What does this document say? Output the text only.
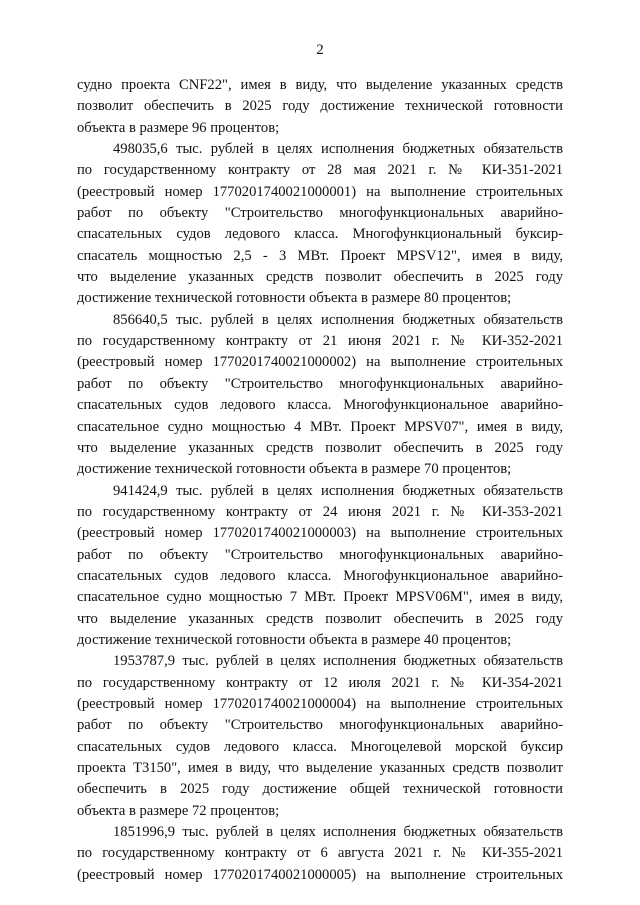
2
судно проекта CNF22", имея в виду, что выделение указанных средств
позволит обеспечить в 2025 году достижение технической готовности
объекта в размере 96 процентов;
498035,6 тыс. рублей в целях исполнения бюджетных обязательств
по государственному контракту от 28 мая 2021 г. № КИ-351-2021
(реестровый номер 1770201740021000001) на выполнение строительных
работ по объекту "Строительство многофункциональных аварийно-
спасательных судов ледового класса. Многофункциональный буксир-
спасатель мощностью 2,5 - 3 МВт. Проект MPSV12", имея в виду,
что выделение указанных средств позволит обеспечить в 2025 году
достижение технической готовности объекта в размере 80 процентов;
856640,5 тыс. рублей в целях исполнения бюджетных обязательств
по государственному контракту от 21 июня 2021 г. № КИ-352-2021
(реестровый номер 1770201740021000002) на выполнение строительных
работ по объекту "Строительство многофункциональных аварийно-
спасательных судов ледового класса. Многофункциональное аварийно-
спасательное судно мощностью 4 МВт. Проект MPSV07", имея в виду,
что выделение указанных средств позволит обеспечить в 2025 году
достижение технической готовности объекта в размере 70 процентов;
941424,9 тыс. рублей в целях исполнения бюджетных обязательств
по государственному контракту от 24 июня 2021 г. № КИ-353-2021
(реестровый номер 1770201740021000003) на выполнение строительных
работ по объекту "Строительство многофункциональных аварийно-
спасательных судов ледового класса. Многофункциональное аварийно-
спасательное судно мощностью 7 МВт. Проект MPSV06M", имея в виду,
что выделение указанных средств позволит обеспечить в 2025 году
достижение технической готовности объекта в размере 40 процентов;
1953787,9 тыс. рублей в целях исполнения бюджетных обязательств
по государственному контракту от 12 июля 2021 г. № КИ-354-2021
(реестровый номер 1770201740021000004) на выполнение строительных
работ по объекту "Строительство многофункциональных аварийно-
спасательных судов ледового класса. Многоцелевой морской буксир
проекта Т3150", имея в виду, что выделение указанных средств позволит
обеспечить в 2025 году достижение общей технической готовности
объекта в размере 72 процентов;
1851996,9 тыс. рублей в целях исполнения бюджетных обязательств
по государственному контракту от 6 августа 2021 г. № КИ-355-2021
(реестровый номер 1770201740021000005) на выполнение строительных
